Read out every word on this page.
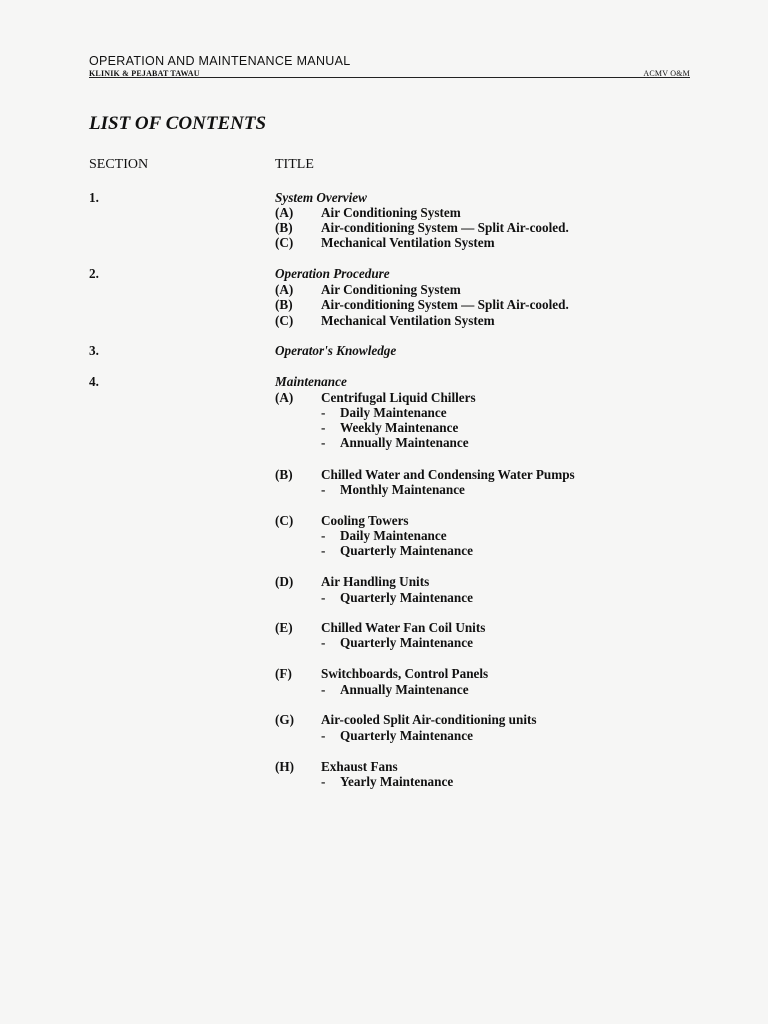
OPERATION AND MAINTENANCE MANUAL
KLINIK & PEJABAT TAWAU	ACMV O&M
LIST OF CONTENTS
SECTION	TITLE
1.	System Overview
(A) Air Conditioning System
(B) Air-conditioning System — Split Air-cooled.
(C) Mechanical Ventilation System
2.	Operation Procedure
(A) Air Conditioning System
(B) Air-conditioning System — Split Air-cooled.
(C) Mechanical Ventilation System
3.	Operator's Knowledge
4.	Maintenance
(A) Centrifugal Liquid Chillers
- Daily Maintenance
- Weekly Maintenance
- Annually Maintenance
(B) Chilled Water and Condensing Water Pumps
- Monthly Maintenance
(C) Cooling Towers
- Daily Maintenance
- Quarterly Maintenance
(D) Air Handling Units
- Quarterly Maintenance
(E) Chilled Water Fan Coil Units
- Quarterly Maintenance
(F) Switchboards, Control Panels
- Annually Maintenance
(G) Air-cooled Split Air-conditioning units
- Quarterly Maintenance
(H) Exhaust Fans
- Yearly Maintenance
